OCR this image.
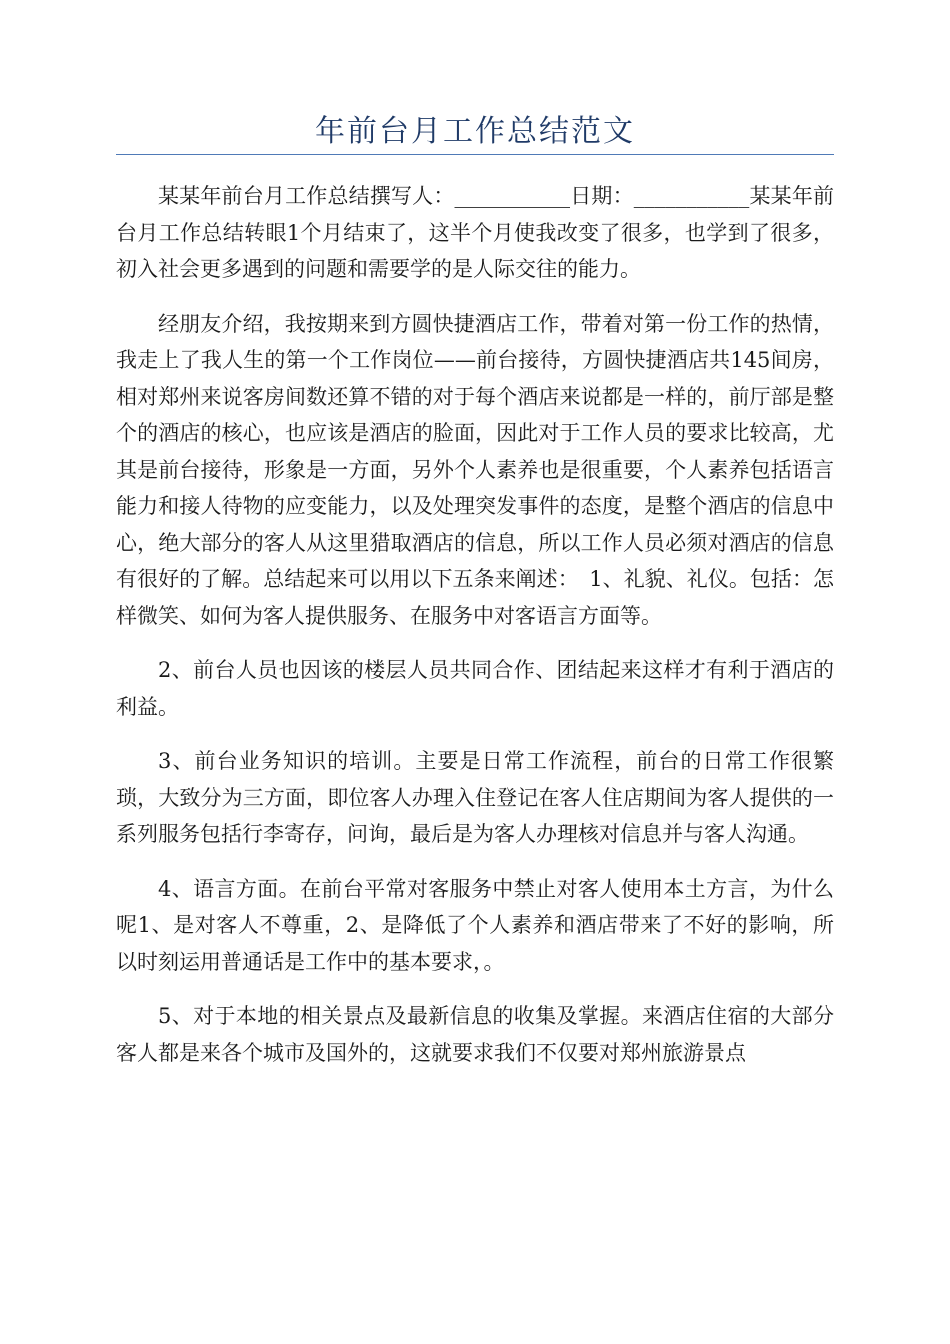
年前台月工作总结范文

某某年前台月工作总结撰写人：___________日期：___________某某年前台月工作总结转眼1个月结束了，这半个月使我改变了很多，也学到了很多，初入社会更多遇到的问题和需要学的是人际交往的能力。

经朋友介绍，我按期来到方圆快捷酒店工作，带着对第一份工作的热情，我走上了我人生的第一个工作岗位——前台接待，方圆快捷酒店共145间房，相对郑州来说客房间数还算不错的对于每个酒店来说都是一样的，前厅部是整个的酒店的核心，也应该是酒店的脸面，因此对于工作人员的要求比较高，尤其是前台接待，形象是一方面，另外个人素养也是很重要，个人素养包括语言能力和接人待物的应变能力，以及处理突发事件的态度，是整个酒店的信息中心，绝大部分的客人从这里猎取酒店的信息，所以工作人员必须对酒店的信息有很好的了解。总结起来可以用以下五条来阐述：　1、礼貌、礼仪。包括：怎样微笑、如何为客人提供服务、在服务中对客语言方面等。

2、前台人员也因该的楼层人员共同合作、团结起来这样才有利于酒店的利益。

3、前台业务知识的培训。主要是日常工作流程，前台的日常工作很繁琐，大致分为三方面，即位客人办理入住登记在客人住店期间为客人提供的一系列服务包括行李寄存，问询，最后是为客人办理核对信息并与客人沟通。

4、语言方面。在前台平常对客服务中禁止对客人使用本土方言，为什么呢1、是对客人不尊重，2、是降低了个人素养和酒店带来了不好的影响，所以时刻运用普通话是工作中的基本要求，。

5、对于本地的相关景点及最新信息的收集及掌握。来酒店住宿的大部分客人都是来各个城市及国外的，这就要求我们不仅要对郑州旅游景点
